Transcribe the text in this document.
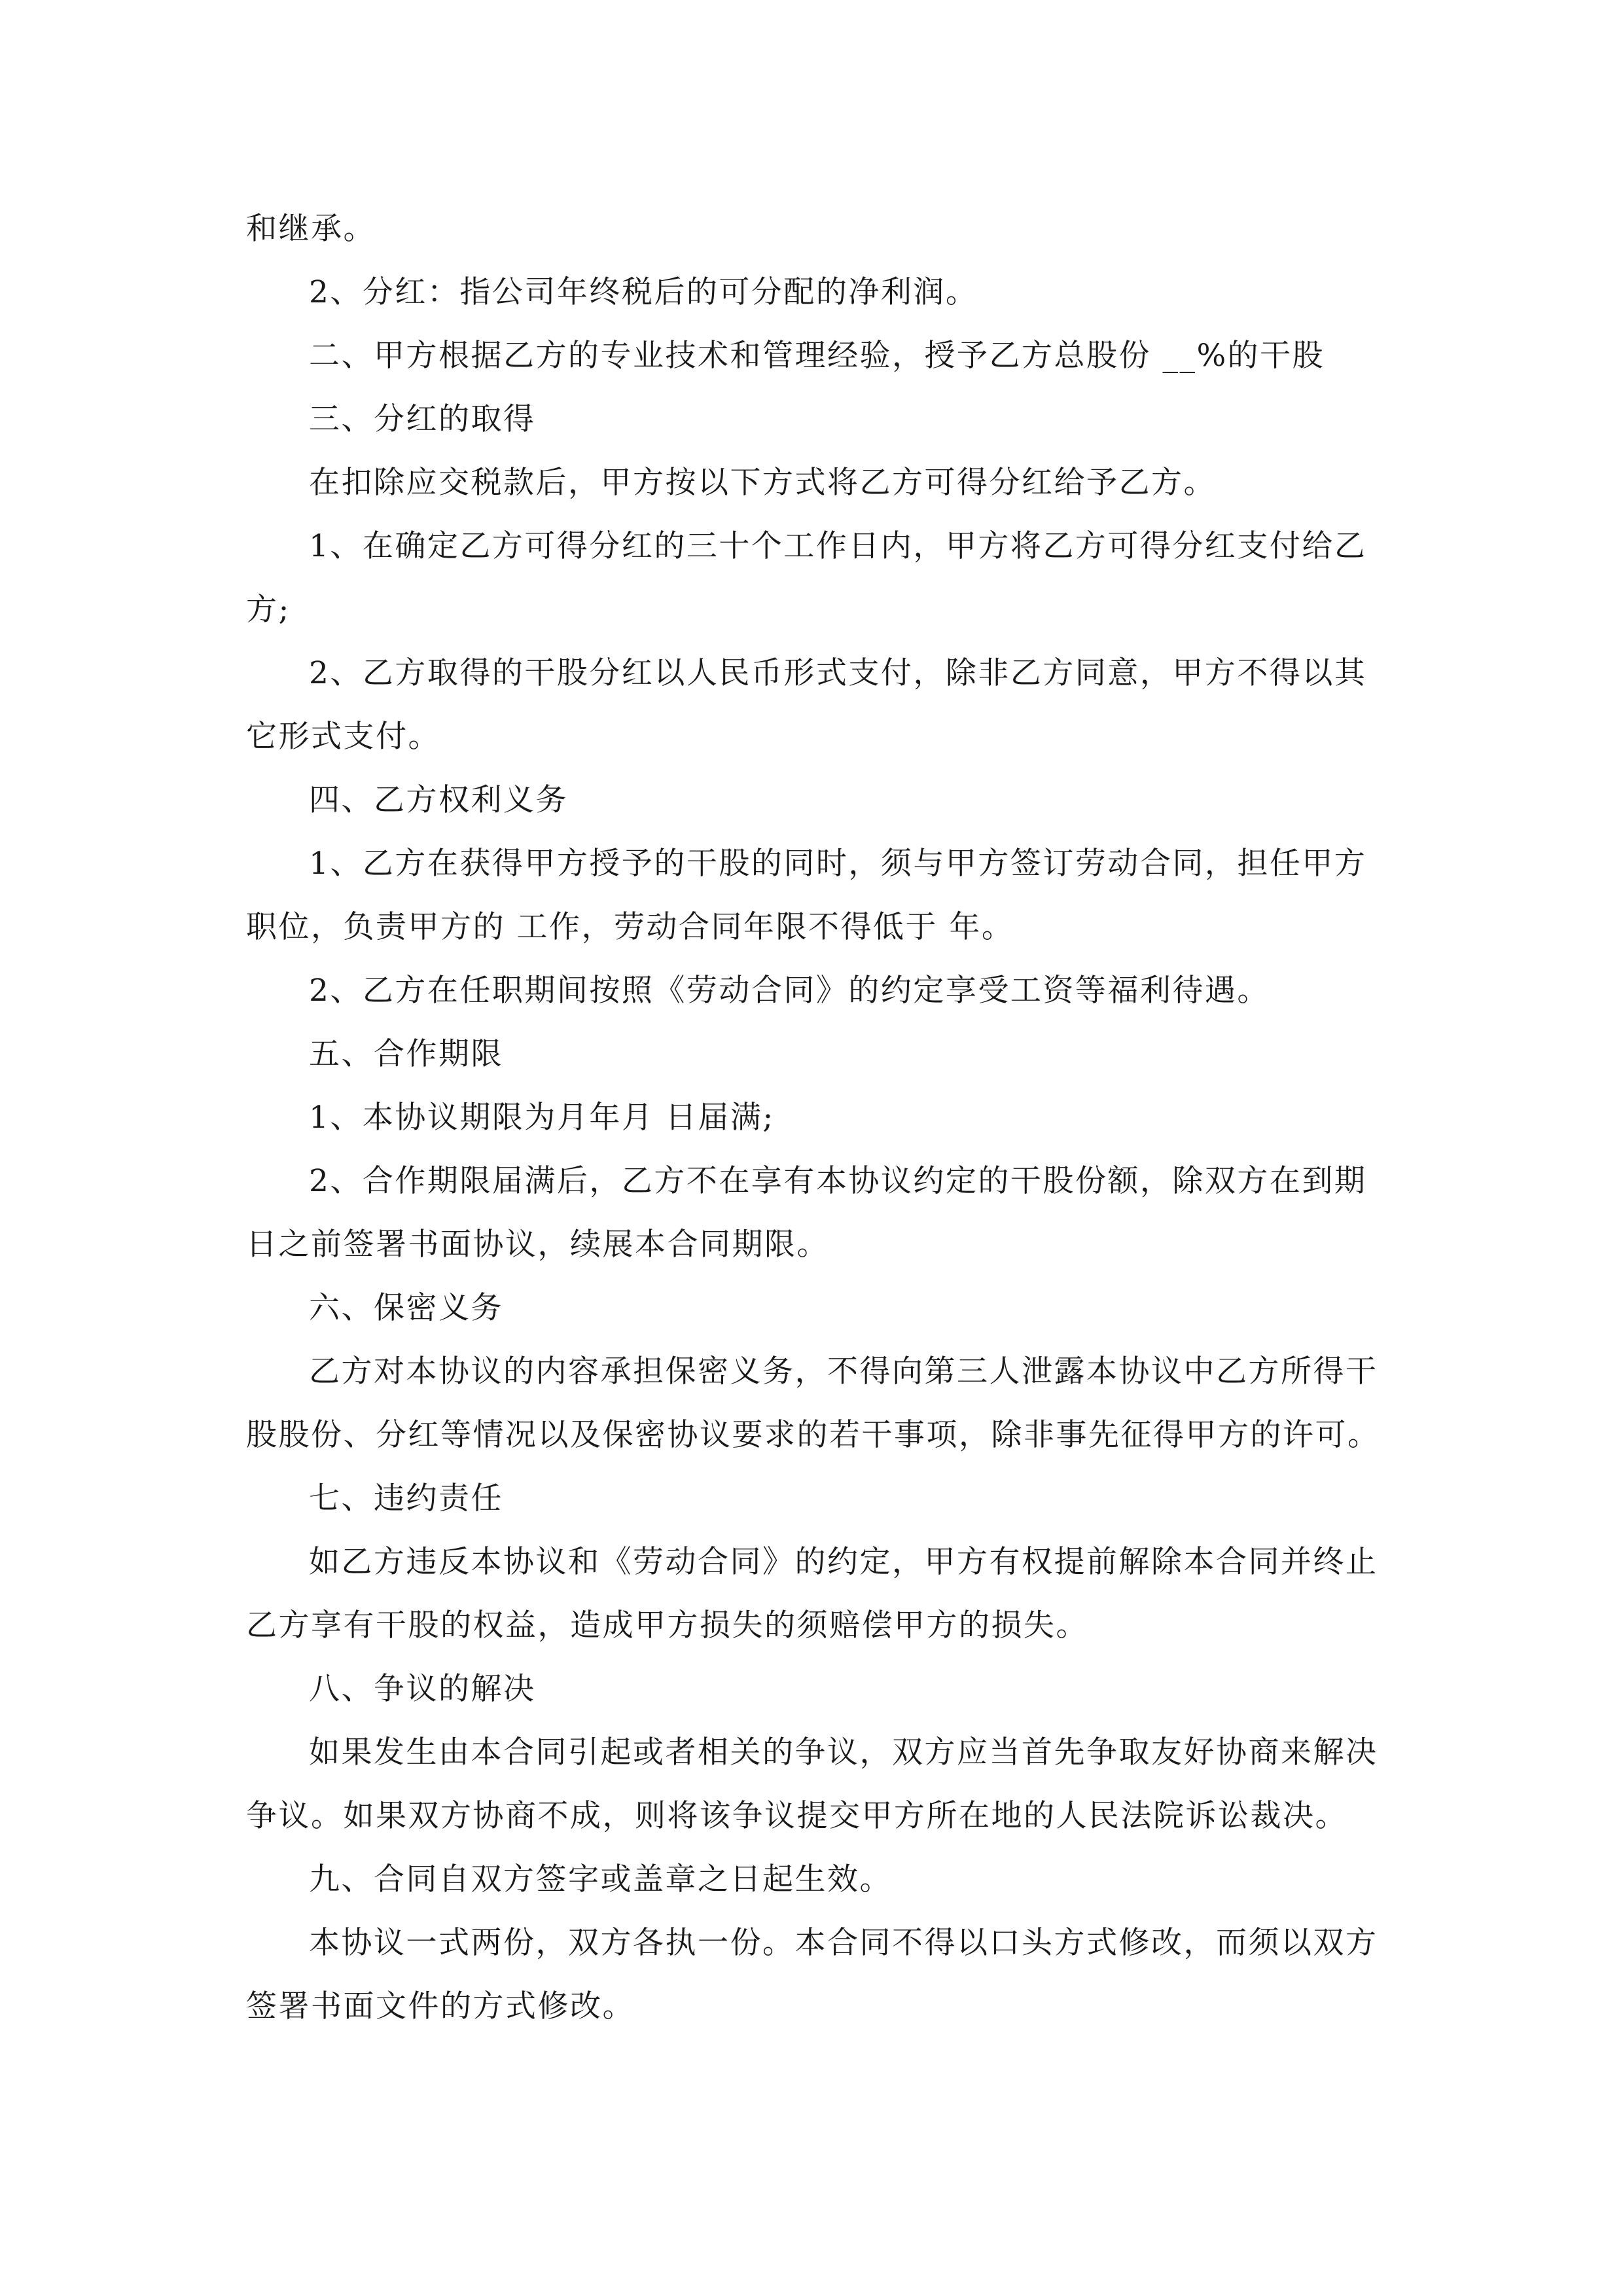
和继承。
2、分红：指公司年终税后的可分配的净利润。
二、甲方根据乙方的专业技术和管理经验，授予乙方总股份 __%的干股
三、分红的取得
在扣除应交税款后，甲方按以下方式将乙方可得分红给予乙方。
1、在确定乙方可得分红的三十个工作日内，甲方将乙方可得分红支付给乙
方;
2、乙方取得的干股分红以人民币形式支付，除非乙方同意，甲方不得以其
它形式支付。
四、乙方权利义务
1、乙方在获得甲方授予的干股的同时，须与甲方签订劳动合同，担任甲方
职位，负责甲方的 工作，劳动合同年限不得低于 年。
2、乙方在任职期间按照《劳动合同》的约定享受工资等福利待遇。
五、合作期限
1、本协议期限为月年月 日届满;
2、合作期限届满后，乙方不在享有本协议约定的干股份额，除双方在到期
日之前签署书面协议，续展本合同期限。
六、保密义务
乙方对本协议的内容承担保密义务，不得向第三人泄露本协议中乙方所得干
股股份、分红等情况以及保密协议要求的若干事项，除非事先征得甲方的许可。
七、违约责任
如乙方违反本协议和《劳动合同》的约定，甲方有权提前解除本合同并终止
乙方享有干股的权益，造成甲方损失的须赔偿甲方的损失。
八、争议的解决
如果发生由本合同引起或者相关的争议，双方应当首先争取友好协商来解决
争议。如果双方协商不成，则将该争议提交甲方所在地的人民法院诉讼裁决。
九、合同自双方签字或盖章之日起生效。
本协议一式两份，双方各执一份。本合同不得以口头方式修改，而须以双方
签署书面文件的方式修改。
